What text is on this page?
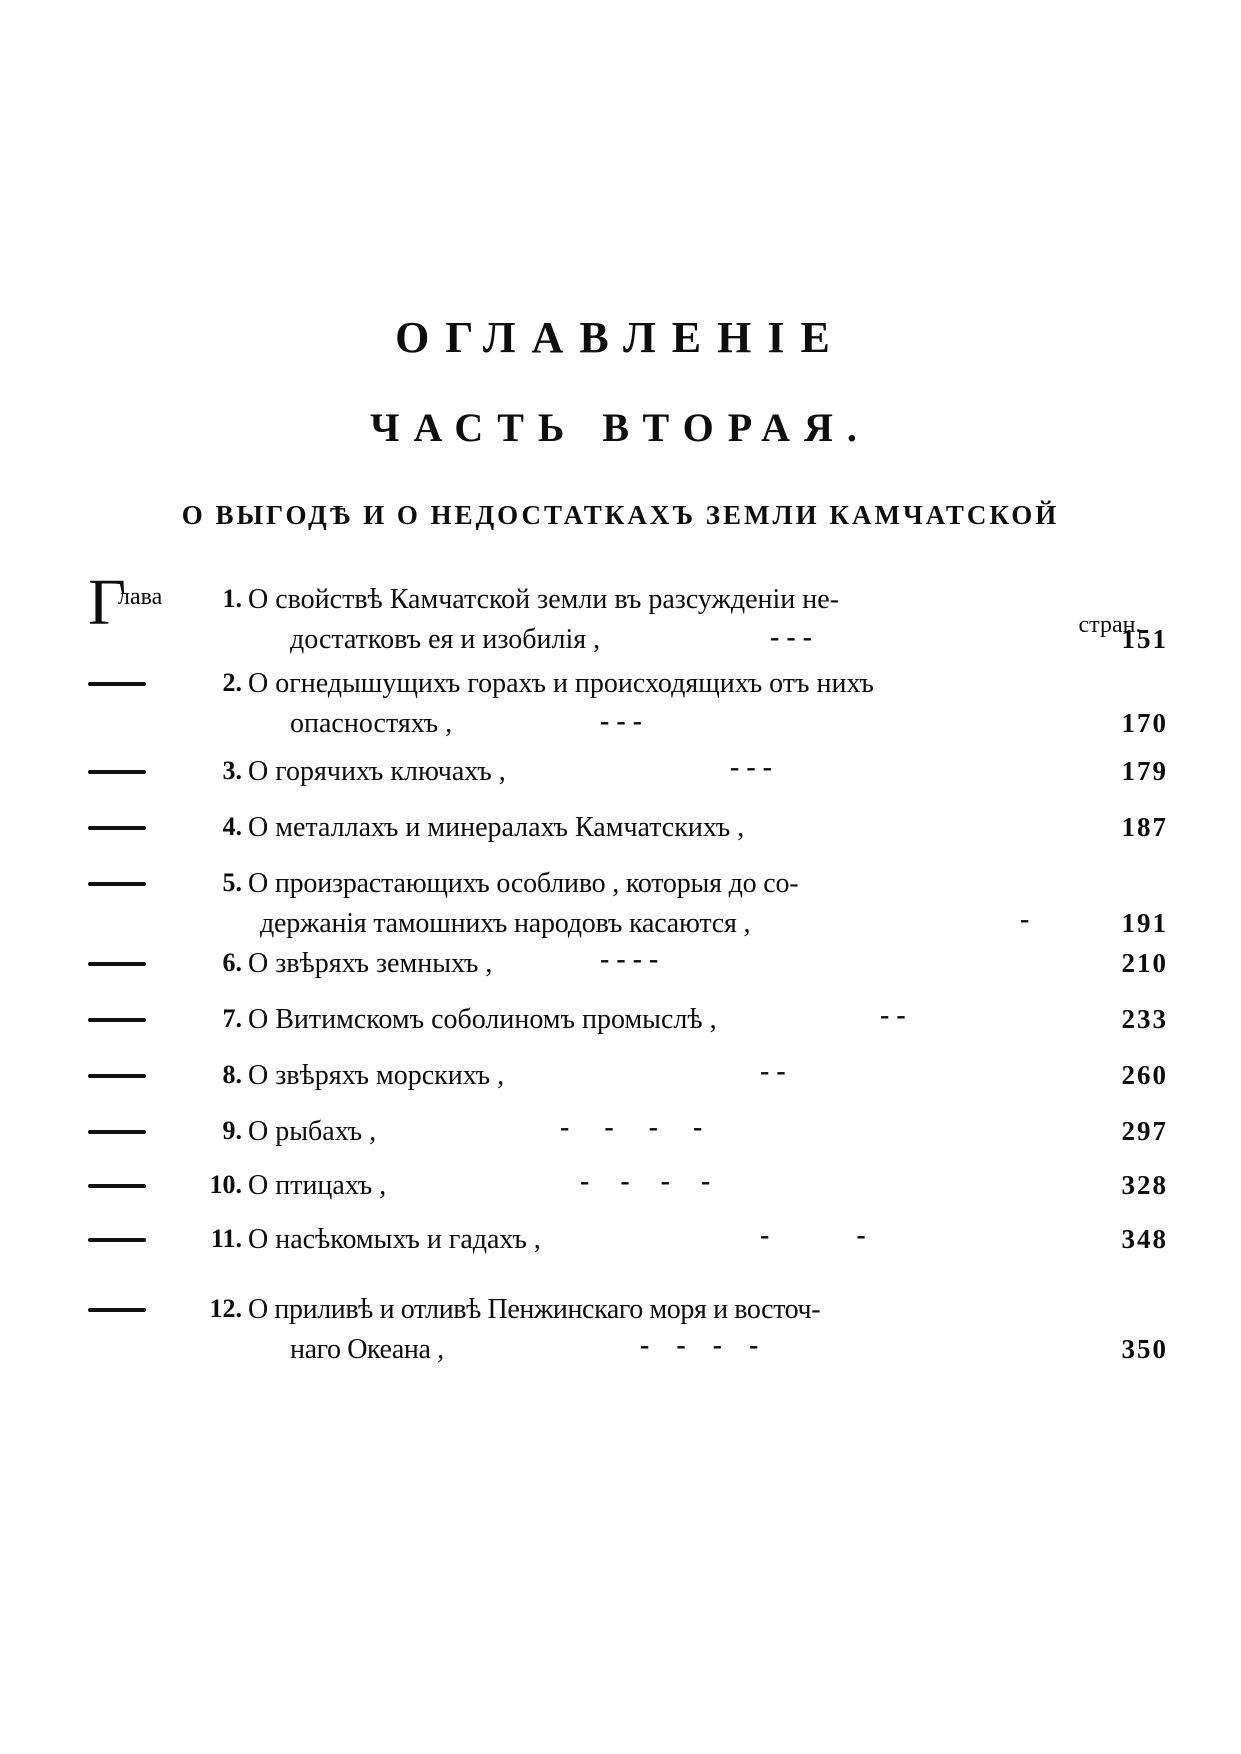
ОГЛАВЛЕНІЕ
ЧАСТЬ ВТОРАЯ.
О ВЫГОДѢ И О НЕДОСТАТКАХЪ ЗЕМЛИ КАМЧАТСКОЙ
стран.
Г
лава	1. О свойствѣ Камчатской земли въ разсужденіи не-
достатковъ ея и изобилія ,	- - -	151
2. О огнедышущихъ горахъ и происходящихъ отъ нихъ
опасностяхъ ,	- - -	170
3. О горячихъ ключахъ ,	- - -	179
4. О металлахъ и минералахъ Камчатскихъ ,	187
5. О произрастающихъ особливо , которыя до со-
держанія тамошнихъ народовъ касаются ,	-	191
6. О звѣряхъ земныхъ ,	- - - -	210
7. О Витимскомъ соболиномъ промыслѣ ,	- -	233
8. О звѣряхъ морскихъ ,	- -	260
9. О рыбахъ ,	- - - -	297
10. О птицахъ ,	- - - -	328
11. О насѣкомыхъ и гадахъ ,	- -	348
12. О приливѣ и отливѣ Пенжинскаго моря и восточ-
наго Океана ,	- - - -	350
